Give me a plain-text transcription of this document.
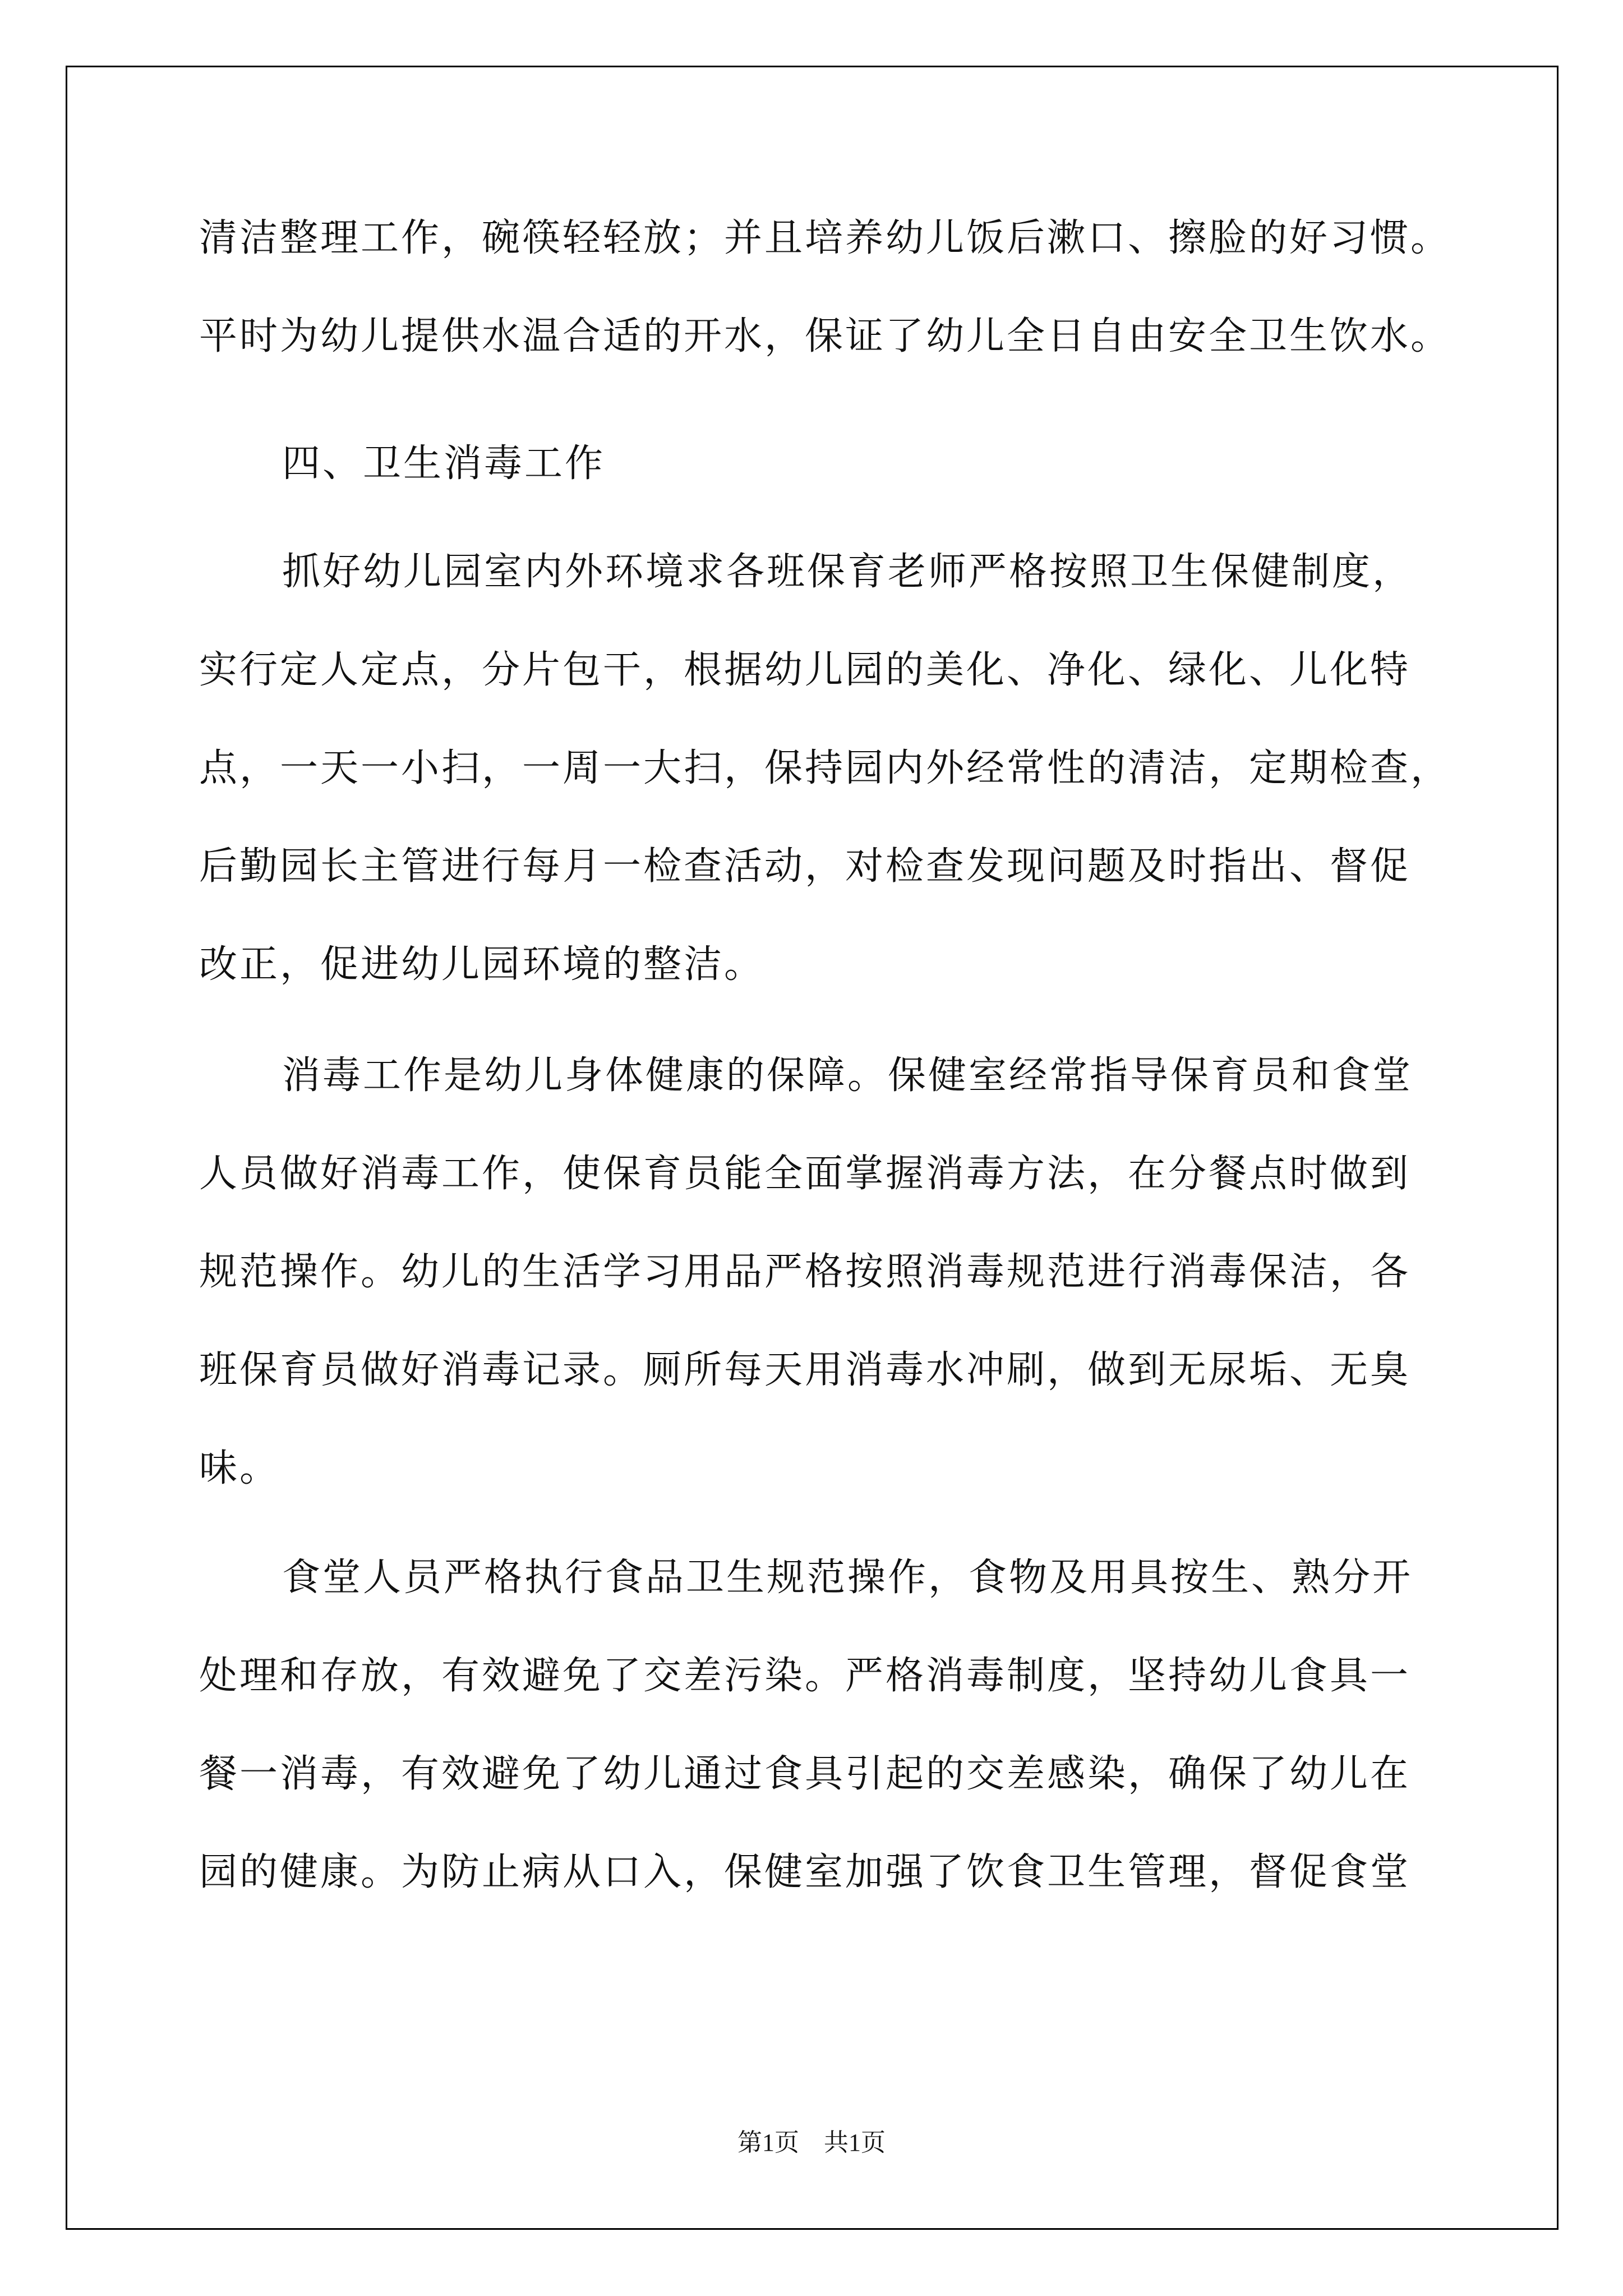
清洁整理工作，碗筷轻轻放；并且培养幼儿饭后漱口、擦脸的好习惯。
平时为幼儿提供水温合适的开水，保证了幼儿全日自由安全卫生饮水。
四、卫生消毒工作
抓好幼儿园室内外环境求各班保育老师严格按照卫生保健制度，
实行定人定点，分片包干，根据幼儿园的美化、净化、绿化、儿化特
点，一天一小扫，一周一大扫，保持园内外经常性的清洁，定期检查，
后勤园长主管进行每月一检查活动，对检查发现问题及时指出、督促
改正，促进幼儿园环境的整洁。
消毒工作是幼儿身体健康的保障。保健室经常指导保育员和食堂
人员做好消毒工作，使保育员能全面掌握消毒方法，在分餐点时做到
规范操作。幼儿的生活学习用品严格按照消毒规范进行消毒保洁，各
班保育员做好消毒记录。厕所每天用消毒水冲刷，做到无尿垢、无臭
味。
食堂人员严格执行食品卫生规范操作，食物及用具按生、熟分开
处理和存放，有效避免了交差污染。严格消毒制度，坚持幼儿食具一
餐一消毒，有效避免了幼儿通过食具引起的交差感染，确保了幼儿在
园的健康。为防止病从口入，保健室加强了饮食卫生管理，督促食堂
第1页　共1页
